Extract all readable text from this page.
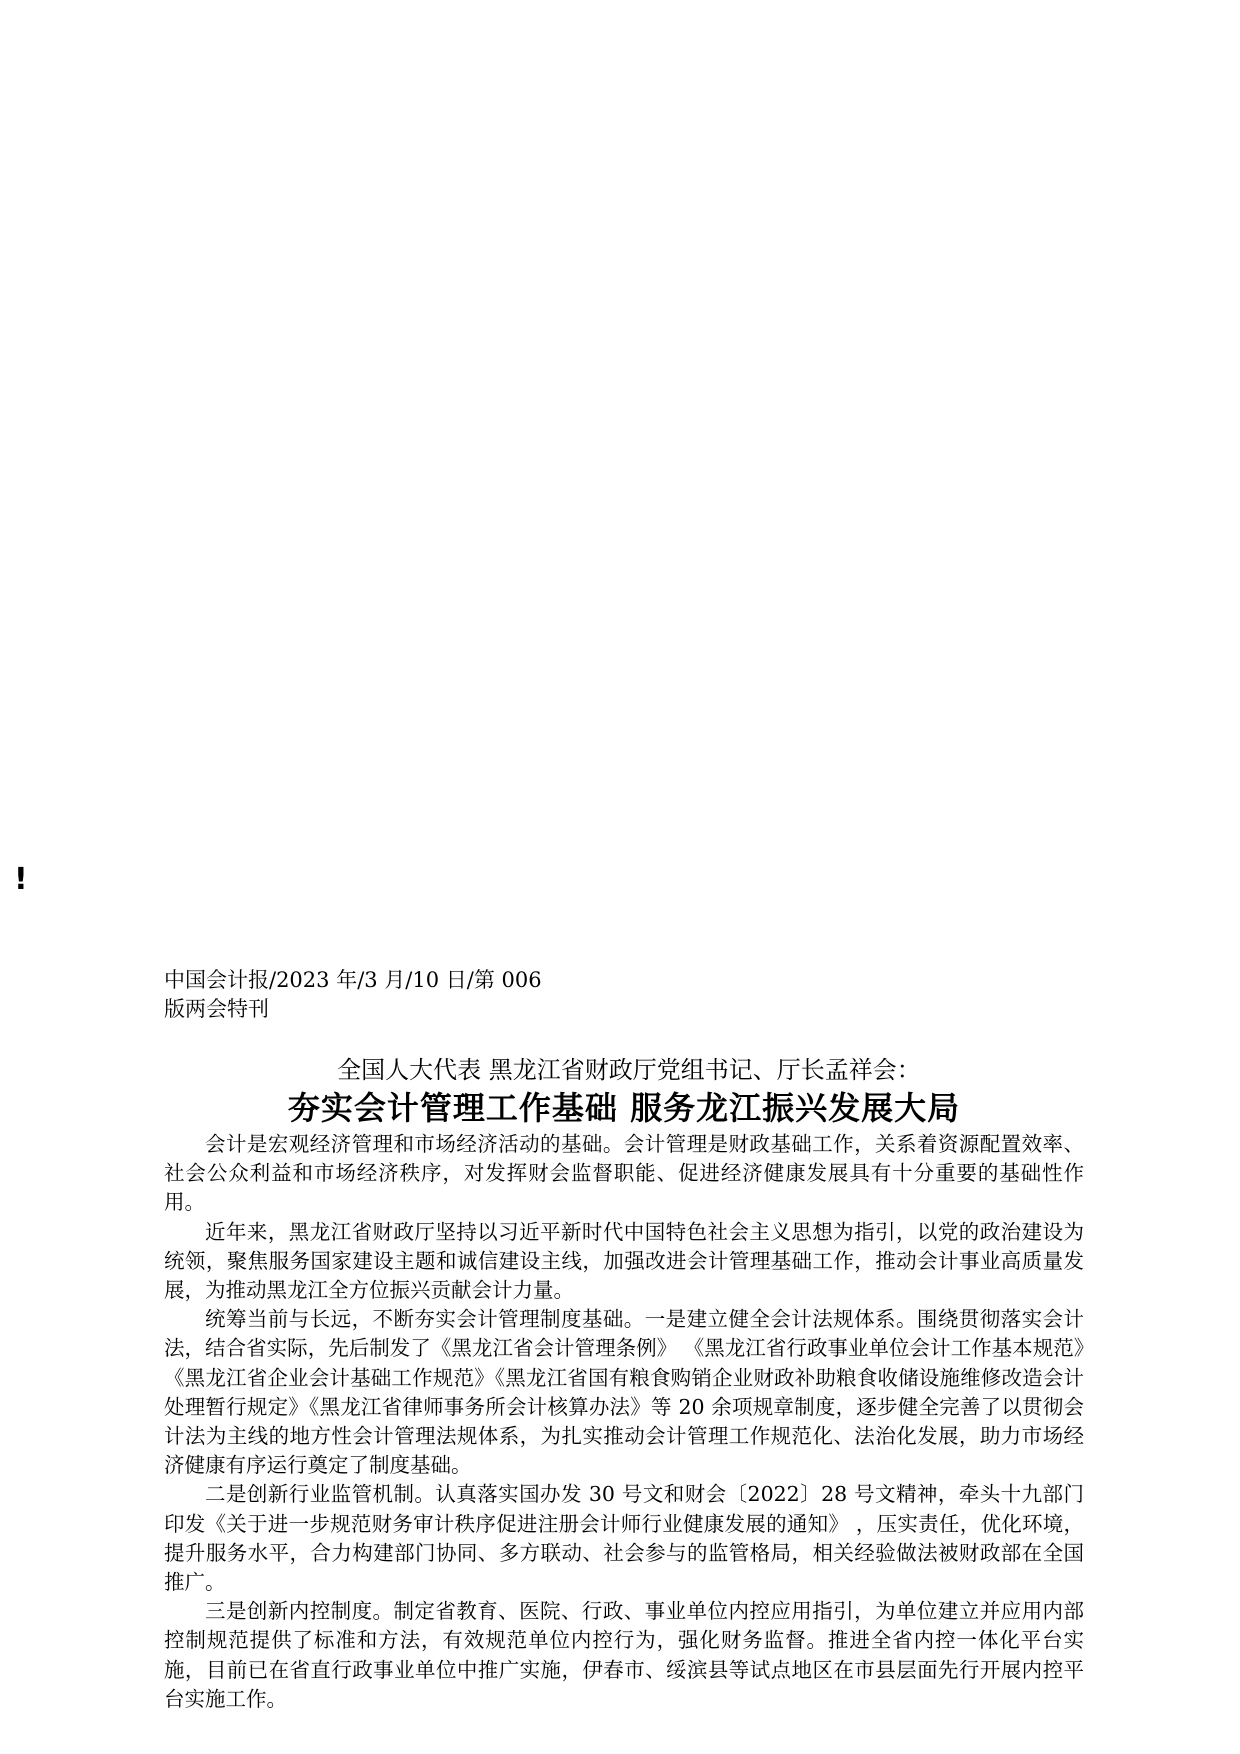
!
中国会计报/2023 年/3 月/10 日/第 006
版两会特刊
全国人大代表 黑龙江省财政厅党组书记、厅长孟祥会：
夯实会计管理工作基础 服务龙江振兴发展大局

会计是宏观经济管理和市场经济活动的基础。会计管理是财政基础工作，关系着资源配置效率、社会公众利益和市场经济秩序，对发挥财会监督职能、促进经济健康发展具有十分重要的基础性作用。

近年来，黑龙江省财政厅坚持以习近平新时代中国特色社会主义思想为指引，以党的政治建设为统领，聚焦服务国家建设主题和诚信建设主线，加强改进会计管理基础工作，推动会计事业高质量发展，为推动黑龙江全方位振兴贡献会计力量。

统筹当前与长远，不断夯实会计管理制度基础。一是建立健全会计法规体系。围绕贯彻落实会计法，结合省实际，先后制发了《黑龙江省会计管理条例》 《黑龙江省行政事业单位会计工作基本规范》《黑龙江省企业会计基础工作规范》《黑龙江省国有粮食购销企业财政补助粮食收储设施维修改造会计处理暂行规定》《黑龙江省律师事务所会计核算办法》等 20 余项规章制度，逐步健全完善了以贯彻会计法为主线的地方性会计管理法规体系，为扎实推动会计管理工作规范化、法治化发展，助力市场经济健康有序运行奠定了制度基础。

二是创新行业监管机制。认真落实国办发 30 号文和财会〔2022〕28 号文精神，牵头十九部门印发《关于进一步规范财务审计秩序促进注册会计师行业健康发展的通知》 ，压实责任，优化环境，提升服务水平，合力构建部门协同、多方联动、社会参与的监管格局，相关经验做法被财政部在全国推广。

三是创新内控制度。制定省教育、医院、行政、事业单位内控应用指引，为单位建立并应用内部控制规范提供了标准和方法，有效规范单位内控行为，强化财务监督。推进全省内控一体化平台实施，目前已在省直行政事业单位中推广实施，伊春市、绥滨县等试点地区在市县层面先行开展内控平台实施工作。
